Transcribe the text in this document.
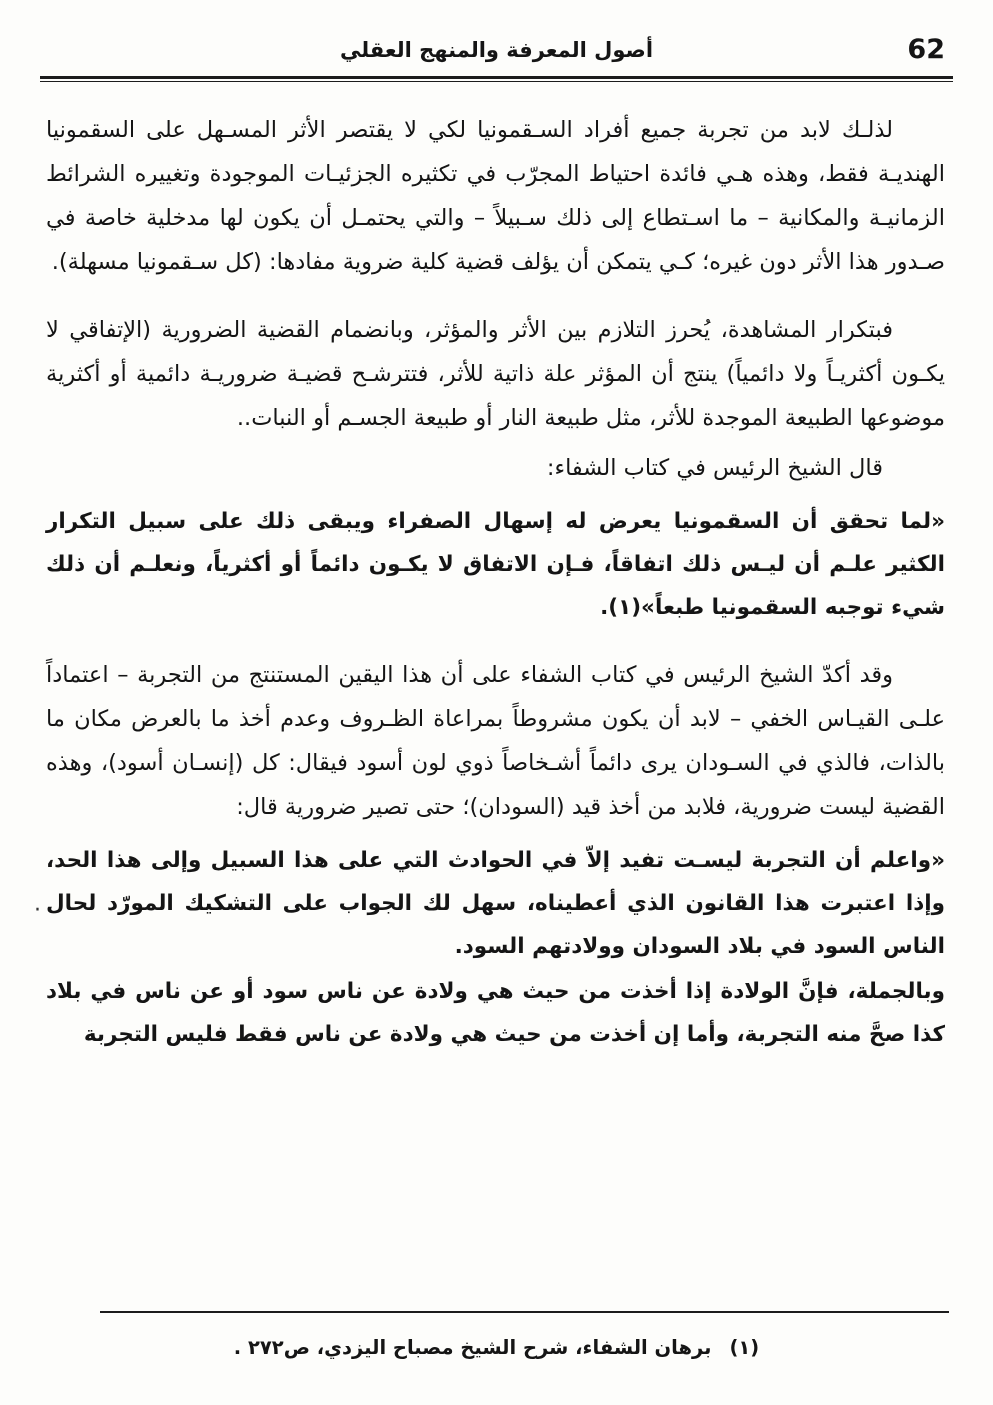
62
أصول المعرفة والمنهج العقلي

لذلـك لابد من تجربة جميع أفراد السـقمونيا لكي لا يقتصر الأثر المسـهل على السقمونيا الهنديـة فقط، وهذه هـي فائدة احتياط المجرّب في تكثيره الجزئيـات الموجودة وتغييره الشرائط الزمانيـة والمكانية – ما اسـتطاع إلى ذلك سـبيلاً – والتي يحتمـل أن يكون لها مدخلية خاصة في صـدور هذا الأثر دون غيره؛ كـي يتمكن أن يؤلف قضية كلية ضروية مفادها: (كل سـقمونيا مسهلة).

فبتكرار المشاهدة، يُحرز التلازم بين الأثر والمؤثر، وبانضمام القضية الضرورية (الإتفاقي لا يكـون أكثريـاً ولا دائمياً) ينتج أن المؤثر علة ذاتية للأثر، فتترشـح قضيـة ضروريـة دائمية أو أكثرية موضوعها الطبيعة الموجدة للأثر، مثل طبيعة النار أو طبيعة الجسـم أو النبات..

قال الشيخ الرئيس في كتاب الشفاء:

«لما تحقق أن السقمونيا يعرض له إسهال الصفراء ويبقى ذلك على سبيل التكرار الكثير علـم أن ليـس ذلك اتفاقاً، فـإن الاتفاق لا يكـون دائماً أو أكثرياً، ونعلـم أن ذلك شيء توجبه السقمونيا طبعاً»(١).

وقد أكدّ الشيخ الرئيس في كتاب الشفاء على أن هذا اليقين المستنتج من التجربة – اعتماداً علـى القيـاس الخفي – لابد أن يكون مشروطاً بمراعاة الظـروف وعدم أخذ ما بالعرض مكان ما بالذات، فالذي في السـودان يرى دائماً أشـخاصاً ذوي لون أسود فيقال: كل (إنسـان أسود)، وهذه القضية ليست ضرورية، فلابد من أخذ قيد (السودان)؛ حتى تصير ضرورية قال:

«واعلم أن التجربة ليسـت تفيد إلاّ في الحوادث التي على هذا السبيل وإلى هذا الحد، وإذا اعتبرت هذا القانون الذي أعطيناه، سهل لك الجواب على التشكيك المورّد لحال الناس السود في بلاد السودان وولادتهم السود.

وبالجملة، فإنَّ الولادة إذا أخذت من حيث هي ولادة عن ناس سود أو عن ناس في بلاد كذا صحَّ منه التجربة، وأما إن أخذت من حيث هي ولادة عن ناس فقط فليس التجربة

·
(١)برهان الشفاء، شرح الشيخ مصباح اليزدي، ص٢٧٢ .
